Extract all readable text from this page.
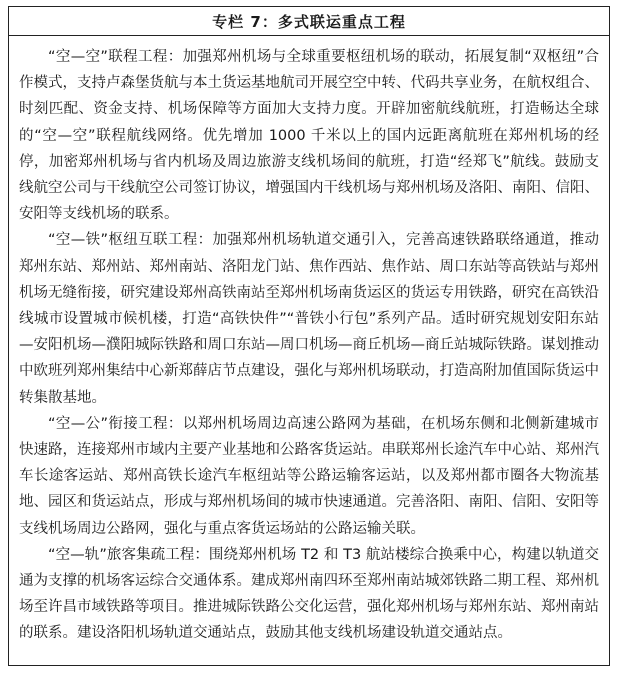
专栏 7：多式联运重点工程

“空—空”联程工程：加强郑州机场与全球重要枢纽机场的联动，拓展复制“双枢纽”合作模式，支持卢森堡货航与本土货运基地航司开展空空中转、代码共享业务，在航权组合、时刻匹配、资金支持、机场保障等方面加大支持力度。开辟加密航线航班，打造畅达全球的“空—空”联程航线网络。优先增加 1000 千米以上的国内远距离航班在郑州机场的经停，加密郑州机场与省内机场及周边旅游支线机场间的航班，打造“经郑飞”航线。鼓励支线航空公司与干线航空公司签订协议，增强国内干线机场与郑州机场及洛阳、南阳、信阳、安阳等支线机场的联系。

“空—铁”枢纽互联工程：加强郑州机场轨道交通引入，完善高速铁路联络通道，推动郑州东站、郑州站、郑州南站、洛阳龙门站、焦作西站、焦作站、周口东站等高铁站与郑州机场无缝衔接，研究建设郑州高铁南站至郑州机场南货运区的货运专用铁路，研究在高铁沿线城市设置城市候机楼，打造“高铁快件”“普铁小行包”系列产品。适时研究规划安阳东站—安阳机场—濮阳城际铁路和周口东站—周口机场—商丘机场—商丘站城际铁路。谋划推动中欧班列郑州集结中心新郑薛店节点建设，强化与郑州机场联动，打造高附加值国际货运中转集散基地。

“空—公”衔接工程：以郑州机场周边高速公路网为基础，在机场东侧和北侧新建城市快速路，连接郑州市域内主要产业基地和公路客货运站。串联郑州长途汽车中心站、郑州汽车长途客运站、郑州高铁长途汽车枢纽站等公路运输客运站，以及郑州都市圈各大物流基地、园区和货运站点，形成与郑州机场间的城市快速通道。完善洛阳、南阳、信阳、安阳等支线机场周边公路网，强化与重点客货运场站的公路运输关联。

“空—轨”旅客集疏工程：围绕郑州机场 T2 和 T3 航站楼综合换乘中心，构建以轨道交通为支撑的机场客运综合交通体系。建成郑州南四环至郑州南站城郊铁路二期工程、郑州机场至许昌市域铁路等项目。推进城际铁路公交化运营，强化郑州机场与郑州东站、郑州南站的联系。建设洛阳机场轨道交通站点，鼓励其他支线机场建设轨道交通站点。
